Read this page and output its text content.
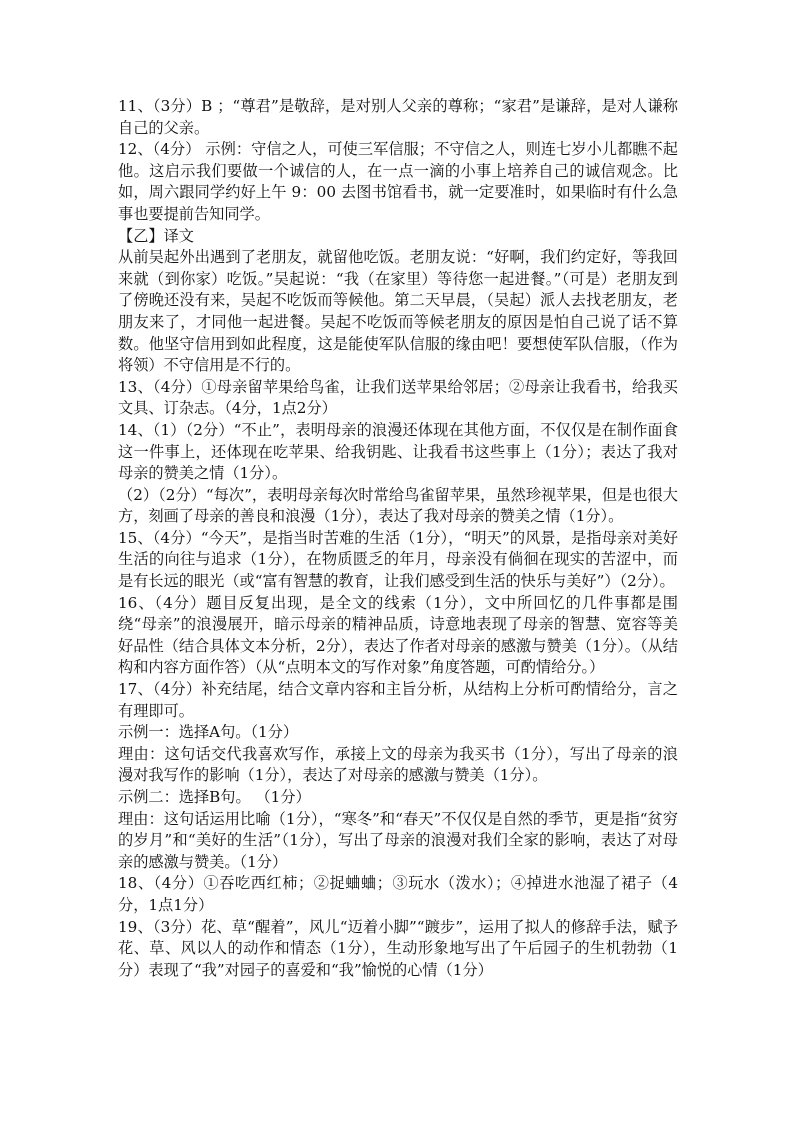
11、（3分）B ；“尊君”是敬辞，是对别人父亲的尊称；“家君”是谦辞，是对人谦称自己的父亲。

12、（4分） 示例：守信之人，可使三军信服；不守信之人，则连七岁小儿都瞧不起他。这启示我们要做一个诚信的人，在一点一滴的小事上培养自己的诚信观念。比如，周六跟同学约好上午 9：00 去图书馆看书，就一定要准时，如果临时有什么急事也要提前告知同学。

【乙】译文

从前吴起外出遇到了老朋友，就留他吃饭。老朋友说：“好啊，我们约定好，等我回来就（到你家）吃饭。”吴起说：“我（在家里）等待您一起进餐。”（可是）老朋友到了傍晚还没有来，吴起不吃饭而等候他。第二天早晨，（吴起）派人去找老朋友，老朋友来了，才同他一起进餐。吴起不吃饭而等候老朋友的原因是怕自己说了话不算数。他坚守信用到如此程度，这是能使军队信服的缘由吧！要想使军队信服，（作为将领）不守信用是不行的。

13、（4分）①母亲留苹果给鸟雀，让我们送苹果给邻居；②母亲让我看书，给我买文具、订杂志。（4分，1点2分）

14、（1）（2分）“不止”，表明母亲的浪漫还体现在其他方面，不仅仅是在制作面食这一件事上，还体现在吃苹果、给我钥匙、让我看书这些事上（1分）；表达了我对母亲的赞美之情（1分）。

（2）（2分）“每次”，表明母亲每次时常给鸟雀留苹果，虽然珍视苹果，但是也很大方，刻画了母亲的善良和浪漫（1分），表达了我对母亲的赞美之情（1分）。

15、（4分）“今天”，是指当时苦难的生活（1分），“明天”的风景，是指母亲对美好生活的向往与追求（1分），在物质匮乏的年月，母亲没有倘徊在现实的苦涩中，而是有长远的眼光（或“富有智慧的教育，让我们感受到生活的快乐与美好”）（2分）。

16、（4分）题目反复出现，是全文的线索（1分），文中所回忆的几件事都是围绕“母亲”的浪漫展开，暗示母亲的精神品质，诗意地表现了母亲的智慧、宽容等美好品性（结合具体文本分析，2分），表达了作者对母亲的感激与赞美（1分）。（从结构和内容方面作答）（从“点明本文的写作对象”角度答题，可酌情给分。）

17、（4分）补充结尾，结合文章内容和主旨分析，从结构上分析可酌情给分，言之有理即可。

示例一：选择A句。（1分）

理由：这句话交代我喜欢写作，承接上文的母亲为我买书（1分），写出了母亲的浪漫对我写作的影响（1分），表达了对母亲的感激与赞美（1分）。

示例二：选择B句。 （1分）

理由：这句话运用比喻（1分），“寒冬”和“春天”不仅仅是自然的季节，更是指“贫穷的岁月”和“美好的生活”（1分），写出了母亲的浪漫对我们全家的影响，表达了对母亲的感激与赞美。（1分）

18、（4分）①吞吃西红柿；②捉蛐蛐；③玩水（泼水）；④掉进水池湿了裙子（4分，1点1分）

19、（3分）花、草“醒着”，风儿“迈着小脚”“踱步”，运用了拟人的修辞手法，赋予花、草、风以人的动作和情态（1分），生动形象地写出了午后园子的生机勃勃（1分）表现了“我”对园子的喜爱和“我”愉悦的心情（1分）
